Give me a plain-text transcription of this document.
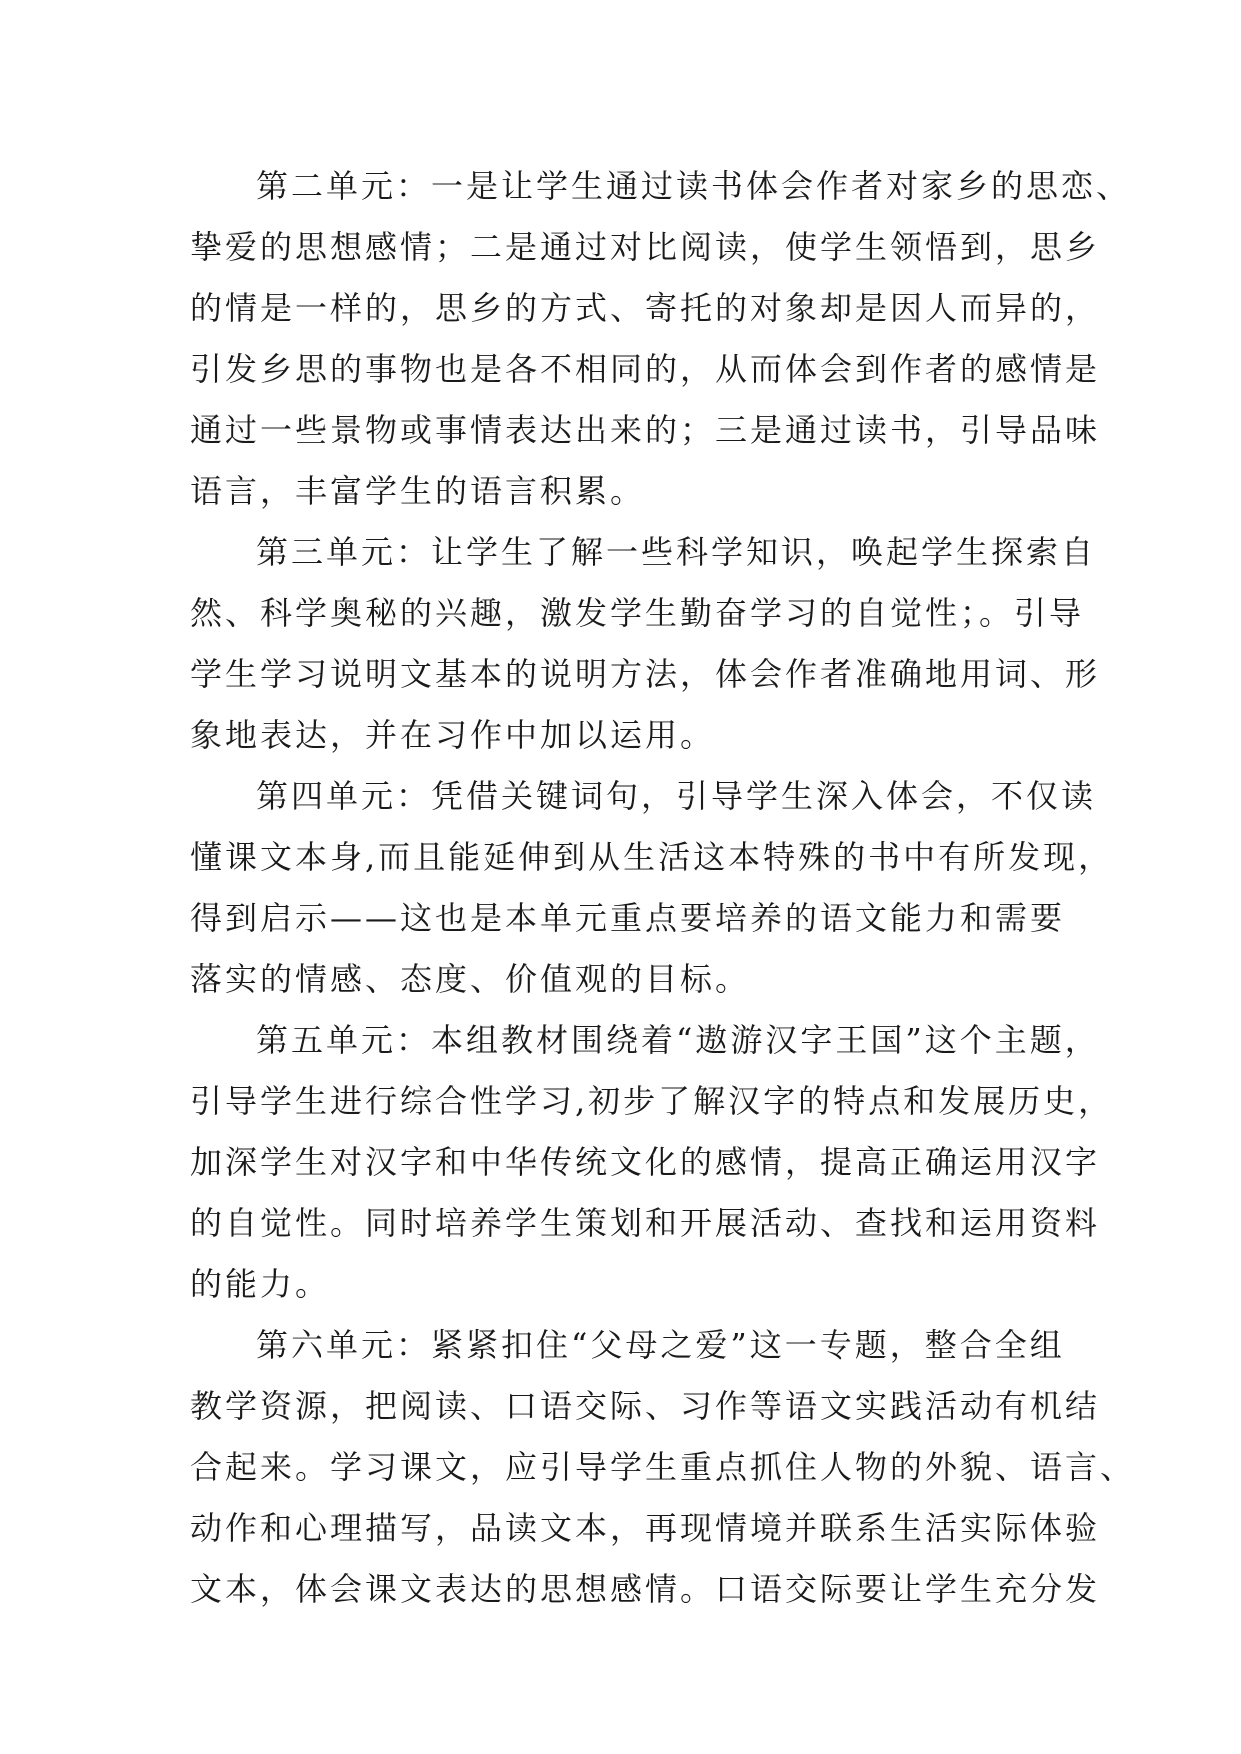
第二单元：一是让学生通过读书体会作者对家乡的思恋、
挚爱的思想感情；二是通过对比阅读，使学生领悟到，思乡
的情是一样的，思乡的方式、寄托的对象却是因人而异的，
引发乡思的事物也是各不相同的，从而体会到作者的感情是
通过一些景物或事情表达出来的；三是通过读书，引导品味
语言，丰富学生的语言积累。
第三单元：让学生了解一些科学知识，唤起学生探索自
然、科学奥秘的兴趣，激发学生勤奋学习的自觉性；。引导
学生学习说明文基本的说明方法，体会作者准确地用词、形
象地表达，并在习作中加以运用。
第四单元：凭借关键词句，引导学生深入体会，不仅读
懂课文本身,而且能延伸到从生活这本特殊的书中有所发现，
得到启示——这也是本单元重点要培养的语文能力和需要
落实的情感、态度、价值观的目标。
第五单元：本组教材围绕着“遨游汉字王国”这个主题，
引导学生进行综合性学习,初步了解汉字的特点和发展历史，
加深学生对汉字和中华传统文化的感情，提高正确运用汉字
的自觉性。同时培养学生策划和开展活动、查找和运用资料
的能力。
第六单元：紧紧扣住“父母之爱”这一专题，整合全组
教学资源，把阅读、口语交际、习作等语文实践活动有机结
合起来。学习课文，应引导学生重点抓住人物的外貌、语言、
动作和心理描写，品读文本，再现情境并联系生活实际体验
文本，体会课文表达的思想感情。口语交际要让学生充分发
